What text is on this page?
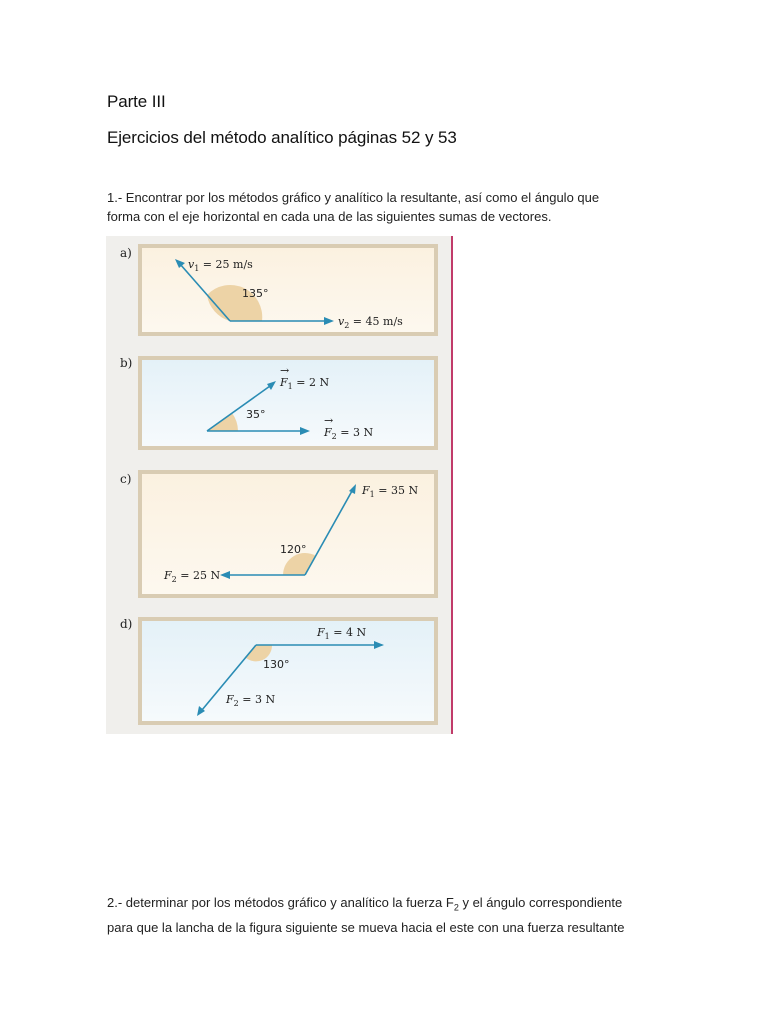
Parte III
Ejercicios del método analítico páginas 52 y 53

1.- Encontrar por los métodos gráfico y analítico la resultante, así como el ángulo que
forma con el eje horizontal en cada una de las siguientes sumas de vectores.

a)
$v_1 = 25$ m/s
135°
$v_2 = 45$ m/s
b)
$F_1 = 2$ N
→
35°
$F_2 = 3$ N
→
c)
$F_1 = 35$ N
120°
$F_2 = 25$ N
d)
$F_1 = 4$ N
130°
$F_2 = 3$ N

2.- determinar por los métodos gráfico y analítico la fuerza $F_2$ y el ángulo correspondiente
para que la lancha de la figura siguiente se mueva hacia el este con una fuerza resultante
